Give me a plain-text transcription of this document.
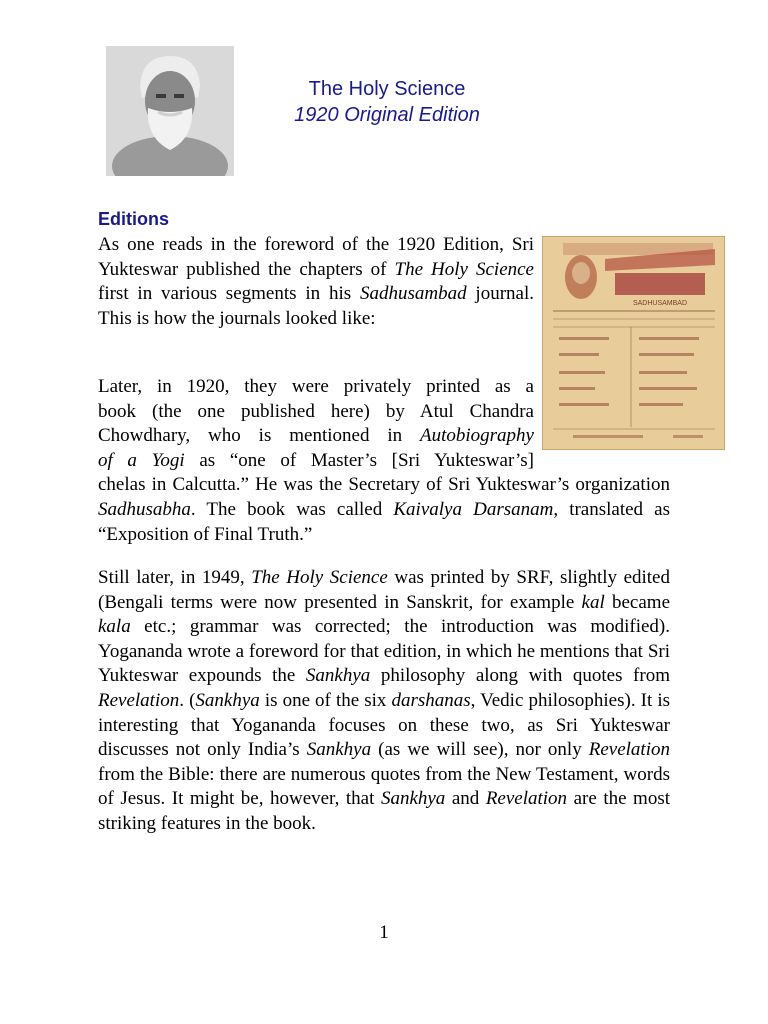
The Holy Science
1920 Original Edition
Editions
SADHUSAMBAD

As one reads in the foreword of the 1920 Edition, Sri Yukteswar published the chapters of The Holy Science first in various segments in his Sadhusambad journal. This is how the journals looked like:

Later, in 1920, they were privately printed as a
book (the one published here) by Atul Chandra
Chowdhary, who is mentioned in Autobiography
of a Yogi as “one of Master’s [Sri Yukteswar’s]
chelas in Calcutta.” He was the Secretary of Sri Yukteswar’s organization Sadhusabha. The book was called Kaivalya Darsanam, translated as “Exposition of Final Truth.”

Still later, in 1949, The Holy Science was printed by SRF, slightly edited (Bengali terms were now presented in Sanskrit, for example kal became kala etc.; grammar was corrected; the introduction was modified). Yogananda wrote a foreword for that edition, in which he mentions that Sri Yukteswar expounds the Sankhya philosophy along with quotes from Revelation. (Sankhya is one of the six darshanas, Vedic philosophies). It is interesting that Yogananda focuses on these two, as Sri Yukteswar discusses not only India’s Sankhya (as we will see), nor only Revelation from the Bible: there are numerous quotes from the New Testament, words of Jesus. It might be, however, that Sankhya and Revelation are the most striking features in the book.

1
